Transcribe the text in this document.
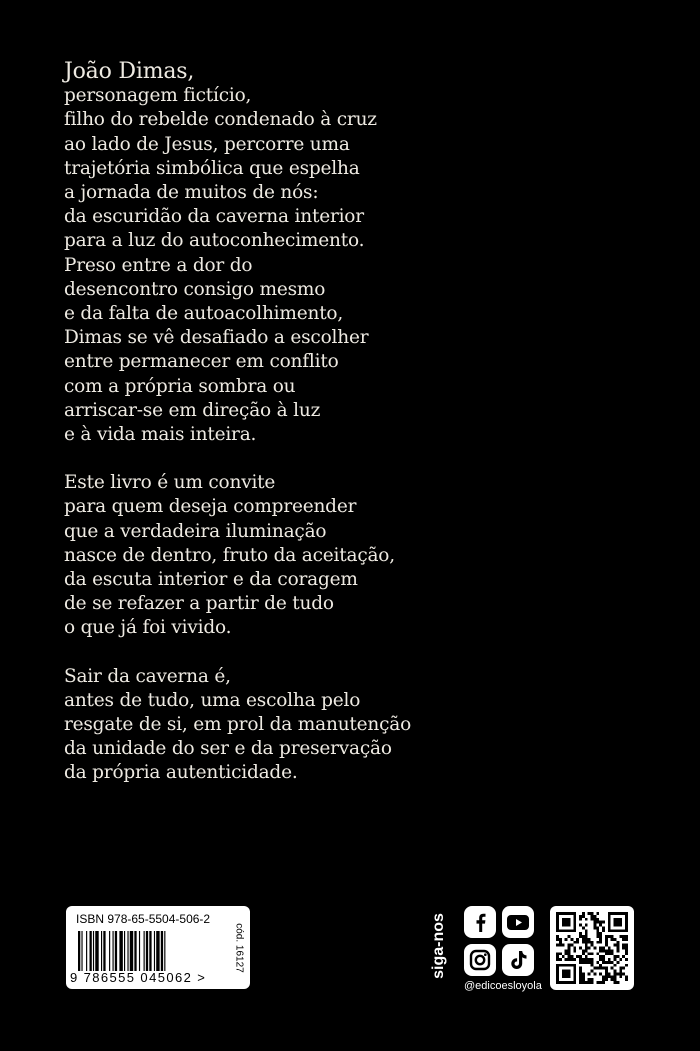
João Dimas,
personagem fictício,
filho do rebelde condenado à cruz
ao lado de Jesus, percorre uma
trajetória simbólica que espelha
a jornada de muitos de nós:
da escuridão da caverna interior
para a luz do autoconhecimento.
Preso entre a dor do
desencontro consigo mesmo
e da falta de autoacolhimento,
Dimas se vê desafiado a escolher
entre permanecer em conflito
com a própria sombra ou
arriscar-se em direção à luz
e à vida mais inteira.

Este livro é um convite
para quem deseja compreender
que a verdadeira iluminação
nasce de dentro, fruto da aceitação,
da escuta interior e da coragem
de se refazer a partir de tudo
o que já foi vivido.

Sair da caverna é,
antes de tudo, uma escolha pelo
resgate de si, em prol da manutenção
da unidade do ser e da preservação
da própria autenticidade.

ISBN 978-65-5504-506-2
9 786555 045062 >
cód. 16127	siga-nos
@edicoesloyola
